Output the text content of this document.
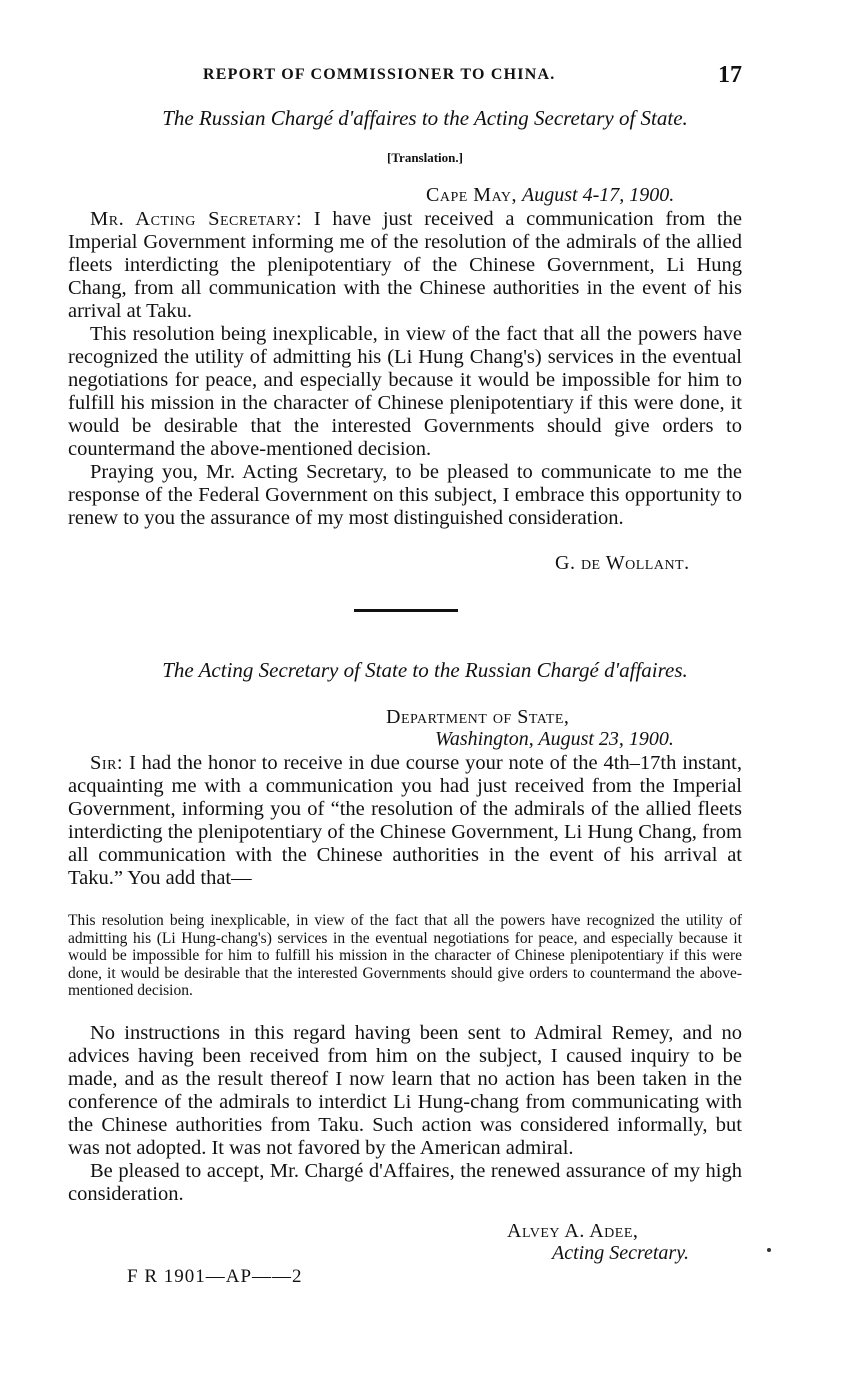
REPORT OF COMMISSIONER TO CHINA.	17
The Russian Chargé d'affaires to the Acting Secretary of State.
[Translation.]
Cape May, August 4-17, 1900.

Mr. Acting Secretary: I have just received a communication from the Imperial Government informing me of the resolution of the admirals of the allied fleets interdicting the plenipotentiary of the Chinese Government, Li Hung Chang, from all communication with the Chinese authorities in the event of his arrival at Taku.

This resolution being inexplicable, in view of the fact that all the powers have recognized the utility of admitting his (Li Hung Chang's) services in the eventual negotiations for peace, and especially because it would be impossible for him to fulfill his mission in the character of Chinese plenipotentiary if this were done, it would be desirable that the interested Governments should give orders to countermand the above-mentioned decision.

Praying you, Mr. Acting Secretary, to be pleased to communicate to me the response of the Federal Government on this subject, I embrace this opportunity to renew to you the assurance of my most distinguished consideration.

G. de Wollant.
The Acting Secretary of State to the Russian Chargé d'affaires.
Department of State,
Washington, August 23, 1900.

Sir: I had the honor to receive in due course your note of the 4th–17th instant, acquainting me with a communication you had just received from the Imperial Government, informing you of “the resolution of the admirals of the allied fleets interdicting the plenipotentiary of the Chinese Government, Li Hung Chang, from all communication with the Chinese authorities in the event of his arrival at Taku.” You add that—

This resolution being inexplicable, in view of the fact that all the powers have recognized the utility of admitting his (Li Hung-chang's) services in the eventual negotiations for peace, and especially because it would be impossible for him to fulfill his mission in the character of Chinese plenipotentiary if this were done, it would be desirable that the interested Governments should give orders to countermand the above-mentioned decision.

No instructions in this regard having been sent to Admiral Remey, and no advices having been received from him on the subject, I caused inquiry to be made, and as the result thereof I now learn that no action has been taken in the conference of the admirals to interdict Li Hung-chang from communicating with the Chinese authorities from Taku. Such action was considered informally, but was not adopted. It was not favored by the American admiral.

Be pleased to accept, Mr. Chargé d'Affaires, the renewed assurance of my high consideration.

Alvey A. Adee,
Acting Secretary.
F R 1901—AP——2
